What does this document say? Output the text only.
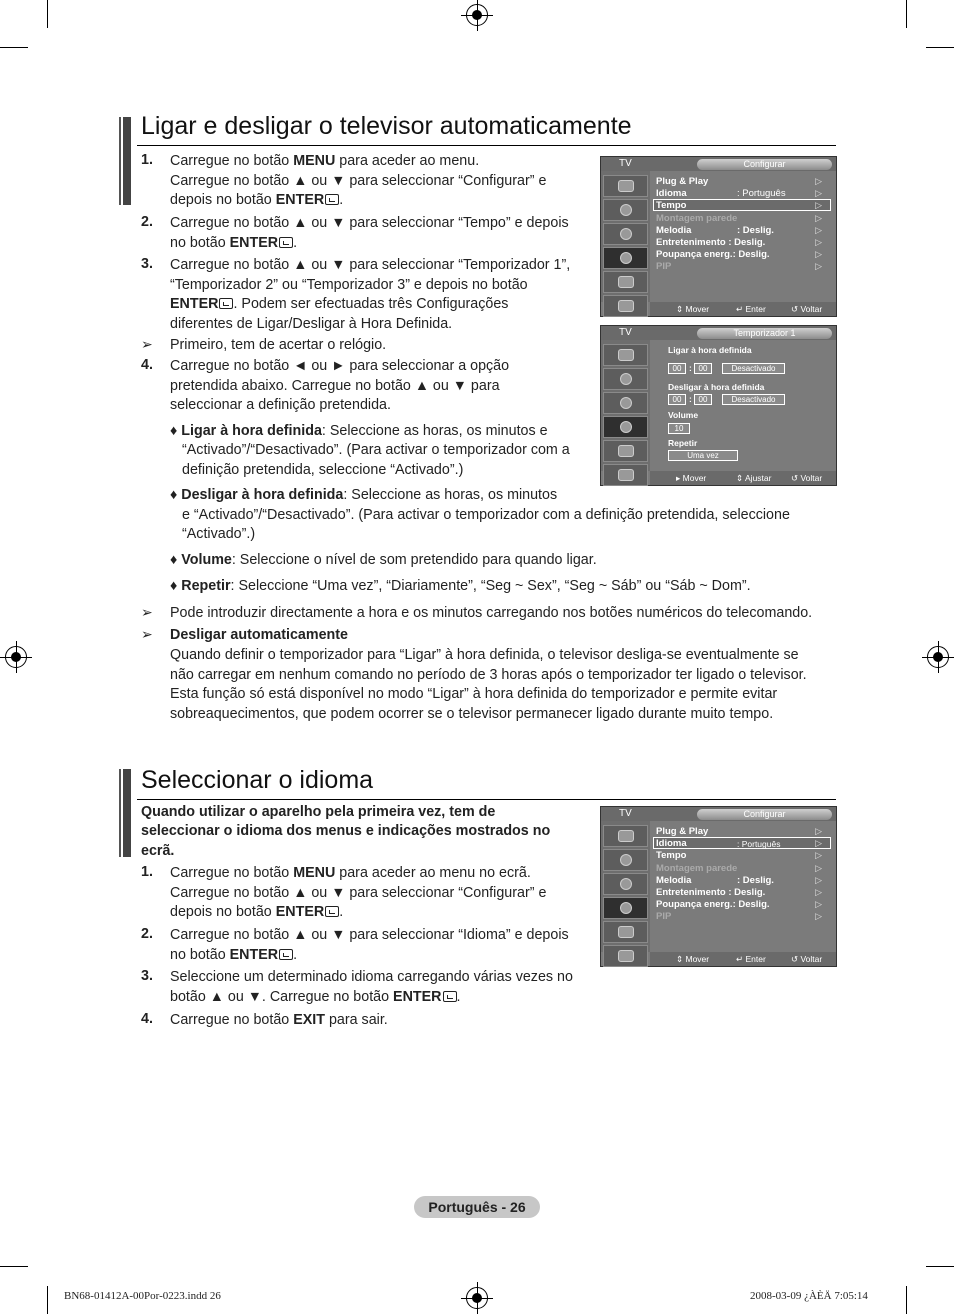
Ligar e desligar o televisor automaticamente
1. Carregue no botão MENU para aceder ao menu.
Carregue no botão ▲ ou ▼ para seleccionar “Configurar” e
depois no botão ENTER .
2. Carregue no botão ▲ ou ▼ para seleccionar “Tempo” e depois
no botão ENTER .
3. Carregue no botão ▲ ou ▼ para seleccionar “Temporizador 1”,
“Temporizador 2” ou “Temporizador 3” e depois no botão
ENTER . Podem ser efectuadas três Configurações
diferentes de Ligar/Desligar à Hora Definida.
➢ Primeiro, tem de acertar o relógio.
4. Carregue no botão ◄ ou ► para seleccionar a opção
pretendida abaixo. Carregue no botão ▲ ou ▼ para
seleccionar a definição pretendida.
♦ Ligar à hora definida: Seleccione as horas, os minutos e
“Activado”/“Desactivado”. (Para activar o temporizador com a
definição pretendida, seleccione “Activado”.)
♦ Desligar à hora definida: Seleccione as horas, os minutos
e “Activado”/“Desactivado”. (Para activar o temporizador com a definição pretendida, seleccione
“Activado”.)
♦ Volume: Seleccione o nível de som pretendido para quando ligar.
♦ Repetir: Seleccione “Uma vez”, “Diariamente”, “Seg ~ Sex”, “Seg ~ Sáb” ou “Sáb ~ Dom”.
➢ Pode introduzir directamente a hora e os minutos carregando nos botões numéricos do telecomando.
➢ Desligar automaticamente
Quando definir o temporizador para “Ligar” à hora definida, o televisor desliga-se eventualmente se
não carregar em nenhum comando no período de 3 horas após o temporizador ter ligado o televisor.
Esta função só está disponível no modo “Ligar” à hora definida do temporizador e permite evitar
sobreaquecimentos, que podem ocorrer se o televisor permanecer ligado durante muito tempo.
TV	Configurar
Plug & Play
Idioma	: Português
Tempo
Montagem parede
Melodia	: Deslig.
Entretenimento : Deslig.
Poupança energ.: Deslig.
PIP
▷
▷
▷
▷
▷
▷
▷
▷
⇕ Mover	↵ Enter	↺ Voltar
TV	Temporizador 1
Ligar à hora definida
00 : 00	Desactivado
Desligar à hora definida
00 : 00	Desactivado
Volume
10
Repetir
Uma vez
▸ Mover	⇕ Ajustar ↺ Voltar
Seleccionar o idioma
Quando utilizar o aparelho pela primeira vez, tem de
seleccionar o idioma dos menus e indicações mostrados no
ecrã.
1. Carregue no botão MENU para aceder ao menu no ecrã.
Carregue no botão ▲ ou ▼ para seleccionar “Configurar” e
depois no botão ENTER .
2. Carregue no botão ▲ ou ▼ para seleccionar “Idioma” e depois
no botão ENTER .
3. Seleccione um determinado idioma carregando várias vezes no
botão ▲ ou ▼. Carregue no botão ENTER .
4. Carregue no botão EXIT para sair.
TV	Configurar
Plug & Play
Idioma	: Português
Tempo
Montagem parede
Melodia	: Deslig.
Entretenimento : Deslig.
Poupança energ.: Deslig.
PIP
▷
▷
▷
▷
▷
▷
▷
▷
⇕ Mover	↵ Enter	↺ Voltar
Português - 26
BN68-01412A-00Por-0223.indd 26	2008-03-09 ¿ÀÈÄ 7:05:14
